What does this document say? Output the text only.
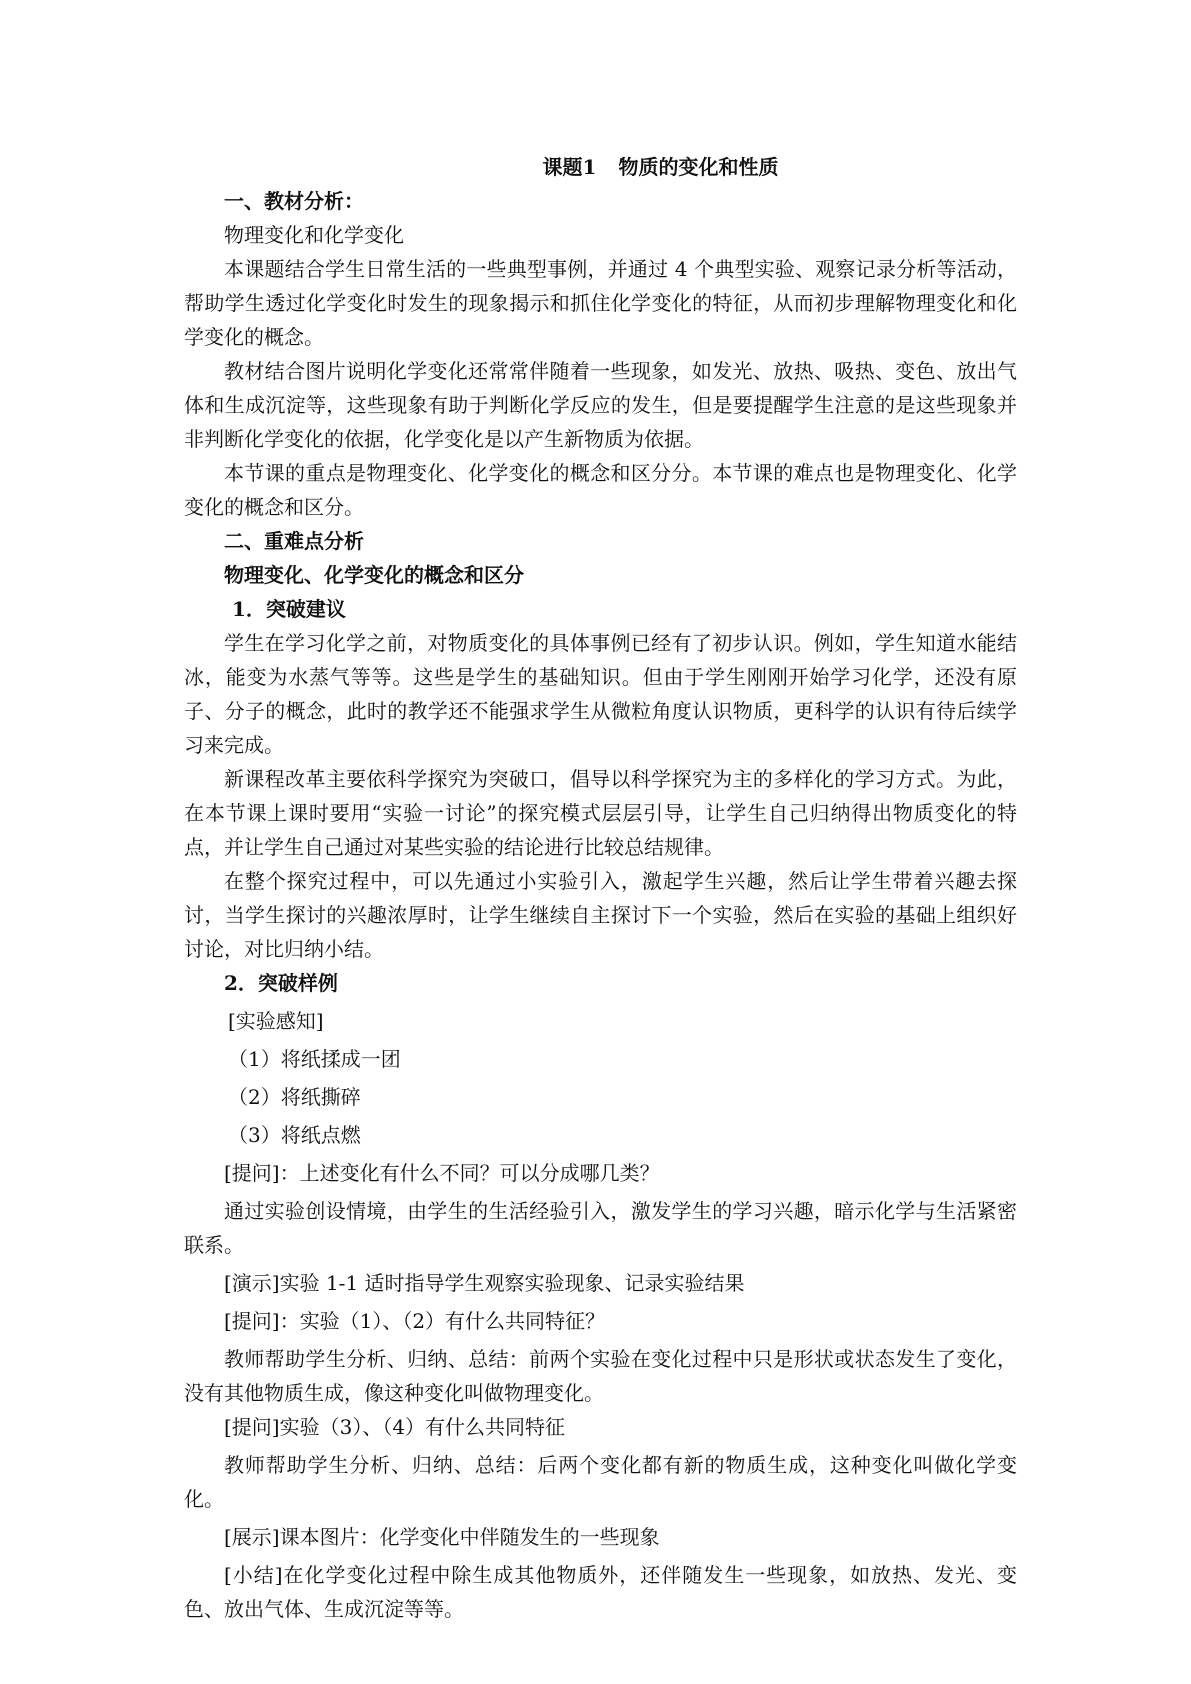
课题1 物质的变化和性质
一、教材分析：
物理变化和化学变化

本课题结合学生日常生活的一些典型事例，并通过 4 个典型实验、观察记录分析等活动，帮助学生透过化学变化时发生的现象揭示和抓住化学变化的特征，从而初步理解物理变化和化学变化的概念。

教材结合图片说明化学变化还常常伴随着一些现象，如发光、放热、吸热、变色、放出气体和生成沉淀等，这些现象有助于判断化学反应的发生，但是要提醒学生注意的是这些现象并非判断化学变化的依据，化学变化是以产生新物质为依据。

本节课的重点是物理变化、化学变化的概念和区分分。本节课的难点也是物理变化、化学变化的概念和区分。

二、重难点分析
物理变化、化学变化的概念和区分
1．突破建议

学生在学习化学之前，对物质变化的具体事例已经有了初步认识。例如，学生知道水能结冰，能变为水蒸气等等。这些是学生的基础知识。但由于学生刚刚开始学习化学，还没有原子、分子的概念，此时的教学还不能强求学生从微粒角度认识物质，更科学的认识有待后续学习来完成。

新课程改革主要依科学探究为突破口，倡导以科学探究为主的多样化的学习方式。为此，在本节课上课时要用“实验一讨论”的探究模式层层引导，让学生自己归纳得出物质变化的特点，并让学生自己通过对某些实验的结论进行比较总结规律。

在整个探究过程中，可以先通过小实验引入，激起学生兴趣，然后让学生带着兴趣去探讨，当学生探讨的兴趣浓厚时，让学生继续自主探讨下一个实验，然后在实验的基础上组织好讨论，对比归纳小结。

2．突破样例
[实验感知]
（1）将纸揉成一团
（2）将纸撕碎
（3）将纸点燃
[提问]：上述变化有什么不同？可以分成哪几类？

通过实验创设情境，由学生的生活经验引入，激发学生的学习兴趣，暗示化学与生活紧密联系。

[演示]实验 1-1 适时指导学生观察实验现象、记录实验结果
[提问]：实验（1）、（2）有什么共同特征？

教师帮助学生分析、归纳、总结：前两个实验在变化过程中只是形状或状态发生了变化，没有其他物质生成，像这种变化叫做物理变化。

[提问]实验（3）、（4）有什么共同特征

教师帮助学生分析、归纳、总结：后两个变化都有新的物质生成，这种变化叫做化学变化。

[展示]课本图片：化学变化中伴随发生的一些现象

[小结]在化学变化过程中除生成其他物质外，还伴随发生一些现象，如放热、发光、变色、放出气体、生成沉淀等等。
